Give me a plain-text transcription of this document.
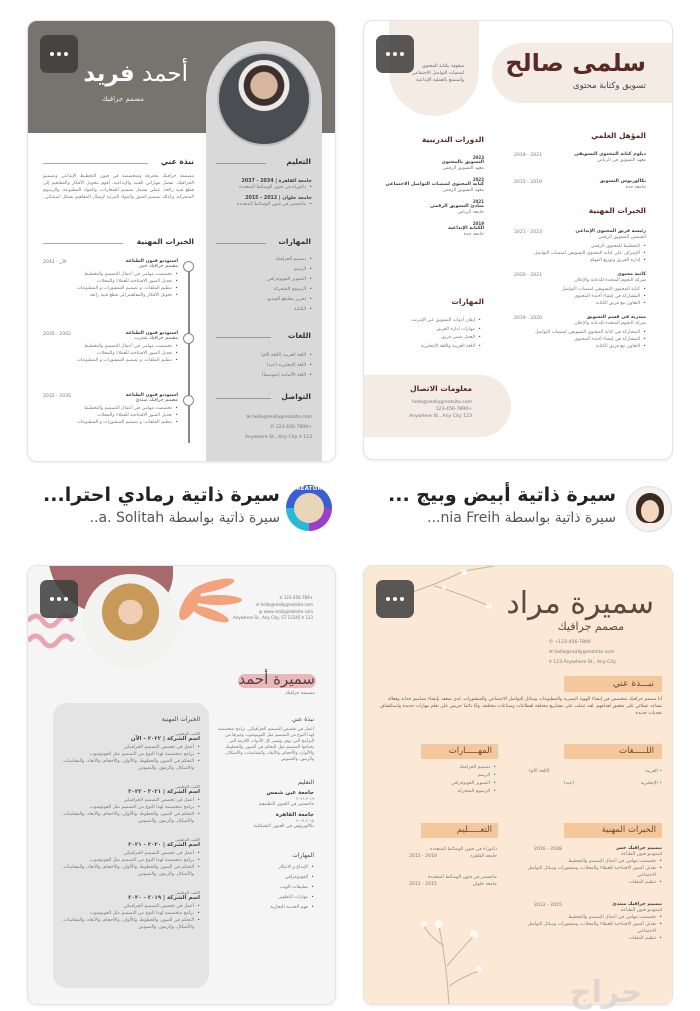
أحمد فريد
مصمم جرافيك
نبذة عني
مصممة جرافيك محترفة ومتخصصة في فنون التخطيط الإبداعي وتصميم الجرافيك. بفضل مهاراتي الفنية والإبداعية، أقوم بتحويل الأفكار والمفاهيم إلى قطع فنية رائعة. عملي يشمل تصميم الشعارات، والمواد المطبوعة، والرسوم المتحركة، وكذلك تصميم الصور والمواد المرئية لإيصال المفاهيم بشكل استثنائي.
الخبرات المهنية
2042 - الآن	استوديو فنون الطباعة
مصمم جرافيك خبير
• تخصصت مهامي في أعمال التصميم والتخطيط
• تعديل الصور الافتتاحية للعملاء والمجلات
• تنظيم الملفات، و تصميم المنشورات و المطبوعات
• تحويل الأفكار والمفاهيم إلى قطع فنية رائعة
2042 - 2035	استوديو فنون الطباعة
مصمم جرافيك متدرب
• تخصصت مهامي في أعمال التصميم والتخطيط
• تعديل الصور الافتتاحية للعملاء والمجلات
• تنظيم الملفات، و تصميم المنشورات و المطبوعات
2035 - 2032	استوديو فنون الطباعة
مصمم جرافيك مبتدئ
• تخصصت مهامي في أعمال التصميم والتخطيط
• تعديل الصور الافتتاحية للعملاء والمجلات
• تنظيم الملفات، و تصميم المنشورات و المطبوعات
التعليم
جامعة القاهرة | 2034 - 2037
• دكتوراه في فنون الوسائط المتعددة
جامعة حلوان | 2012 - 2015
• ماجستير في فنون الوسائط المتعددة
المهارات
• تصميم الجرافيك
• الرسم
• التصوير الفوتوغرافي
• الرسوم المتحركة
• تحرير مقاطع الفيديو
• الكتابة
اللغات
• اللغة العربية (اللغة الأم)
• اللغة الإنجليزية (جيد)
• اللغة الألمانية (متوسط)
التواصل
hello@reallygreatsite.com ✉
+123-456-7890 ✆
123 Anywhere St., Any City ⌾
شغوفة بكتابة المحتوى
لمنصات التواصل الاجتماعي
وأستمتع بالعملية الإبداعية
سلمى صالح
تسويق وكتابة محتوى
المؤهل العلمي
2019 - 2021	دبلوم كتابة المحتوى التسويقي
معهد التسويق في الرياض
2015 - 2019	بكالوريوس التسويق
جامعة جدة
الخبرات المهنية
2021 - 2023	رئيسة فريق المحتوى الإبداعي
الشمس للتسويق الرقمي
• التخطيط للمحتوى الرقمي
• الإشراف على كتابة المحتوى التسويقي لمنصات التواصل
• إدارة الفريق وتوزيع المهام
2020 - 2021	كاتبة محتوى
شركة النجوم المتحدة للدعاية والإعلان
• كتابة المحتوى التسويقي لمنصات التواصل
• المشاركة في إنشاء أجندة المحتوى
• التعاون مع فريق الكتابة
2019 - 2020	متدربة في قسم التسويق
شركة النجوم المتحدة للدعاية والإعلان
• المشاركة في كتابة المحتوى التسويقي لمنصات التواصل
• المشاركة في إنشاء أجندة المحتوى
• التعاون مع فريق الكتابة
الدورات التدريبية
2023
التسويق بالمحتوى
معهد التسويق الرقمي
2022
كتابة المحتوى لمنصات التواصل الاجتماعي
معهد التسويق الرقمي
2021
مبادئ التسويق الرقمي
جامعة الرياض
2019
الكتابة الإبداعية
جامعة جدة
المهارات
• إتقان أدوات التسويق عبر الإنترنت
• مهارات إدارة الفريق
• العمل ضمن فريق
• اللغة العربية واللغة الإنجليزية
معلومات الاتصال
hello@reallygreatsite.com
+123-456-7890
123 Anywhere St., Any City
CREATORS
سيرة ذاتية رمادي احترا...
سيرة ذاتية بواسطة a. Solitah..
سيرة ذاتية أبيض وبيج ...
سيرة ذاتية بواسطة nia Freih...
+123-456-789 ✆
hello@reallygreatsite.com ✉
www.reallygreatsite.com ◍
123 Anywhere St., Any City, ST 12345 ⌾
سميرة أحمد
مصممة جرافيك
الخبرات المهنية
اللقب الوظيفي
اسم الشركة | ٢٠٢٢ - الآن
• أعمل في تخصص التصميم الجرافيكي
• برامج متخصصة لهذا النوع من التصميم مثل الفوتوشوب
• التحكم في الصور، والخطوط، والألوان، والأحجام، والأبعاد، والمقاسات، والأشكال، والرموز، والنصوص
اللقب الوظيفي
اسم الشركة | ٢٠٢١ - ٢٠٢٢
• أعمل في تخصص التصميم الجرافيكي
• برامج متخصصة لهذا النوع من التصميم مثل الفوتوشوب
• التحكم في الصور، والخطوط، والألوان، والأحجام، والأبعاد، والمقاسات، والأشكال، والرموز، والنصوص
اللقب الوظيفي
اسم الشركة | ٢٠٢٠ - ٢٠٢١
• أعمل في تخصص التصميم الجرافيكي
• برامج متخصصة لهذا النوع من التصميم مثل الفوتوشوب
• التحكم في الصور، والخطوط، والألوان، والأحجام، والأبعاد، والمقاسات، والأشكال، والرموز، والنصوص
اللقب الوظيفي
اسم الشركة | ٢٠١٩ - ٢٠٢٠
• أعمل في تخصص التصميم الجرافيكي
• برامج متخصصة لهذا النوع من التصميم مثل الفوتوشوب
• التحكم في الصور، والخطوط، والألوان، والأحجام، والأبعاد، والمقاسات، والأشكال، والرموز، والنصوص
نبذة عني
أعمل في تخصص التصميم الجرافيكي، برامج متخصصة لهذا النوع من التصميم مثل الفوتوشوب وغيرها من البرامج التي توفر وتيسر كل الأدوات اللازمة التي يحتاجها المصمم مثل التحكم في الصور، والخطوط، والألوان، والأحجام، والأبعاد، والمقاسات، والأشكال، والرموز، والنصوص
التعليم
جامعة عين شمس
٢٠١٩-٢٠٢١
ماجستير في الفنون التطبيقية
جامعة القاهرة
٢٠١٥-٢٠١٩
بكالوريوس في الفنون التشكيلية
المهارات
• الإبداع و الابتكار
• الفوتوغرافي
• تطبيقات الويب
• مهارات التطوير
• فهم الخدمة التجارية
سميرة مراد
مصمم جرافيك
✆ +123-456-7890
✉ hello@reallygreatsite.com
⌾ 123 Anywhere St., Any City
نبـــذة عني
أنا مصمم جرافيك متخصص في إنشاء الهوية البصرية والمطبوعات وسائل التواصل الاجتماعي والمنشورات. لدي شغف بإنشاء تصاميم جذابة وفعالة تساعد عملائي على تحقيق أهدافهم. لقد عملت على مشاريع مختلفة لقطاعات وصناعات مختلفة، وأنا دائما حريص على تعلم مهارات جديدة واستكشاف تحديات جديدة
اللـــــغات
• العربية
(اللغة الأم)
• الإنجليزية
(جيد)
المهـــــارات
• تصميم الجرافيك
• الرسم
• التصوير الفوتوغرافي
• الرسوم المتحركة
الخبرات المهنية
2038 - 2016	مصمم جرافيك خبير
استوديو فنون الطباعة
• تخصصت مهامي في أعمال التصميم والتخطيط
• تعديل الصور الافتتاحية للعملاء والمجلات، ومنشورات وسائل التواصل الاجتماعي
• تنظيم الملفات
2015 - 2012	مصمم جرافيك مبتدئ
استوديو فنون الطباعة
• تخصصت مهامي في أعمال التصميم والتخطيط
• تعديل الصور الافتتاحية للعملاء والمجلات، ومنشورات وسائل التواصل الاجتماعي
• تنظيم الملفات
التعـــــليم
دكتوراه في فنون الوسائط المتعددة
جامعة القاهرة
2018 - 2015
ماجستير في فنون الوسائط المتعددة
جامعة حلوان
2015 - 2012
حراج
